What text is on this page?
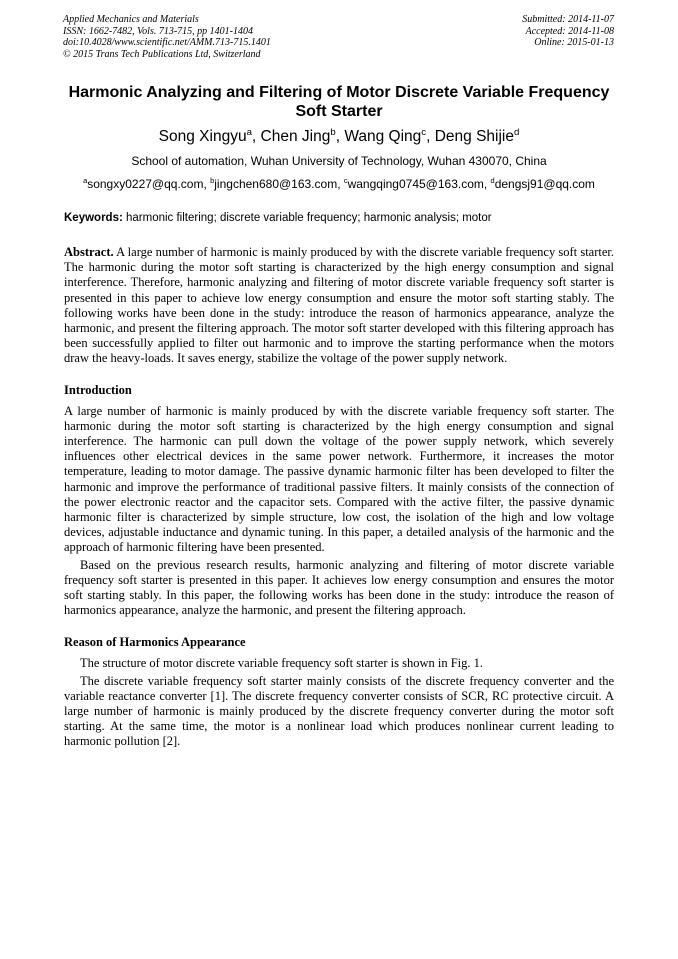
Applied Mechanics and Materials
ISSN: 1662-7482, Vols. 713-715, pp 1401-1404
doi:10.4028/www.scientific.net/AMM.713-715.1401
© 2015 Trans Tech Publications Ltd, Switzerland
Submitted: 2014-11-07
Accepted: 2014-11-08
Online: 2015-01-13
Harmonic Analyzing and Filtering of Motor Discrete Variable Frequency Soft Starter
Song Xingyu$^a$, Chen Jing$^b$, Wang Qing$^c$, Deng Shijie$^d$
School of automation, Wuhan University of Technology, Wuhan 430070, China
$^a$songxy0227@qq.com, $^b$jingchen680@163.com, $^c$wangqing0745@163.com, $^d$dengsj91@qq.com
Keywords: harmonic filtering; discrete variable frequency; harmonic analysis; motor

Abstract. A large number of harmonic is mainly produced by with the discrete variable frequency soft starter. The harmonic during the motor soft starting is characterized by the high energy consumption and signal interference. Therefore, harmonic analyzing and filtering of motor discrete variable frequency soft starter is presented in this paper to achieve low energy consumption and ensure the motor soft starting stably. The following works have been done in the study: introduce the reason of harmonics appearance, analyze the harmonic, and present the filtering approach. The motor soft starter developed with this filtering approach has been successfully applied to filter out harmonic and to improve the starting performance when the motors draw the heavy-loads. It saves energy, stabilize the voltage of the power supply network.

Introduction

A large number of harmonic is mainly produced by with the discrete variable frequency soft starter. The harmonic during the motor soft starting is characterized by the high energy consumption and signal interference. The harmonic can pull down the voltage of the power supply network, which severely influences other electrical devices in the same power network. Furthermore, it increases the motor temperature, leading to motor damage. The passive dynamic harmonic filter has been developed to filter the harmonic and improve the performance of traditional passive filters. It mainly consists of the connection of the power electronic reactor and the capacitor sets. Compared with the active filter, the passive dynamic harmonic filter is characterized by simple structure, low cost, the isolation of the high and low voltage devices, adjustable inductance and dynamic tuning. In this paper, a detailed analysis of the harmonic and the approach of harmonic filtering have been presented.

Based on the previous research results, harmonic analyzing and filtering of motor discrete variable frequency soft starter is presented in this paper. It achieves low energy consumption and ensures the motor soft starting stably. In this paper, the following works has been done in the study: introduce the reason of harmonics appearance, analyze the harmonic, and present the filtering approach.

Reason of Harmonics Appearance

The structure of motor discrete variable frequency soft starter is shown in Fig. 1.

The discrete variable frequency soft starter mainly consists of the discrete frequency converter and the variable reactance converter [1]. The discrete frequency converter consists of SCR, RC protective circuit. A large number of harmonic is mainly produced by the discrete frequency converter during the motor soft starting. At the same time, the motor is a nonlinear load which produces nonlinear current leading to harmonic pollution [2].
